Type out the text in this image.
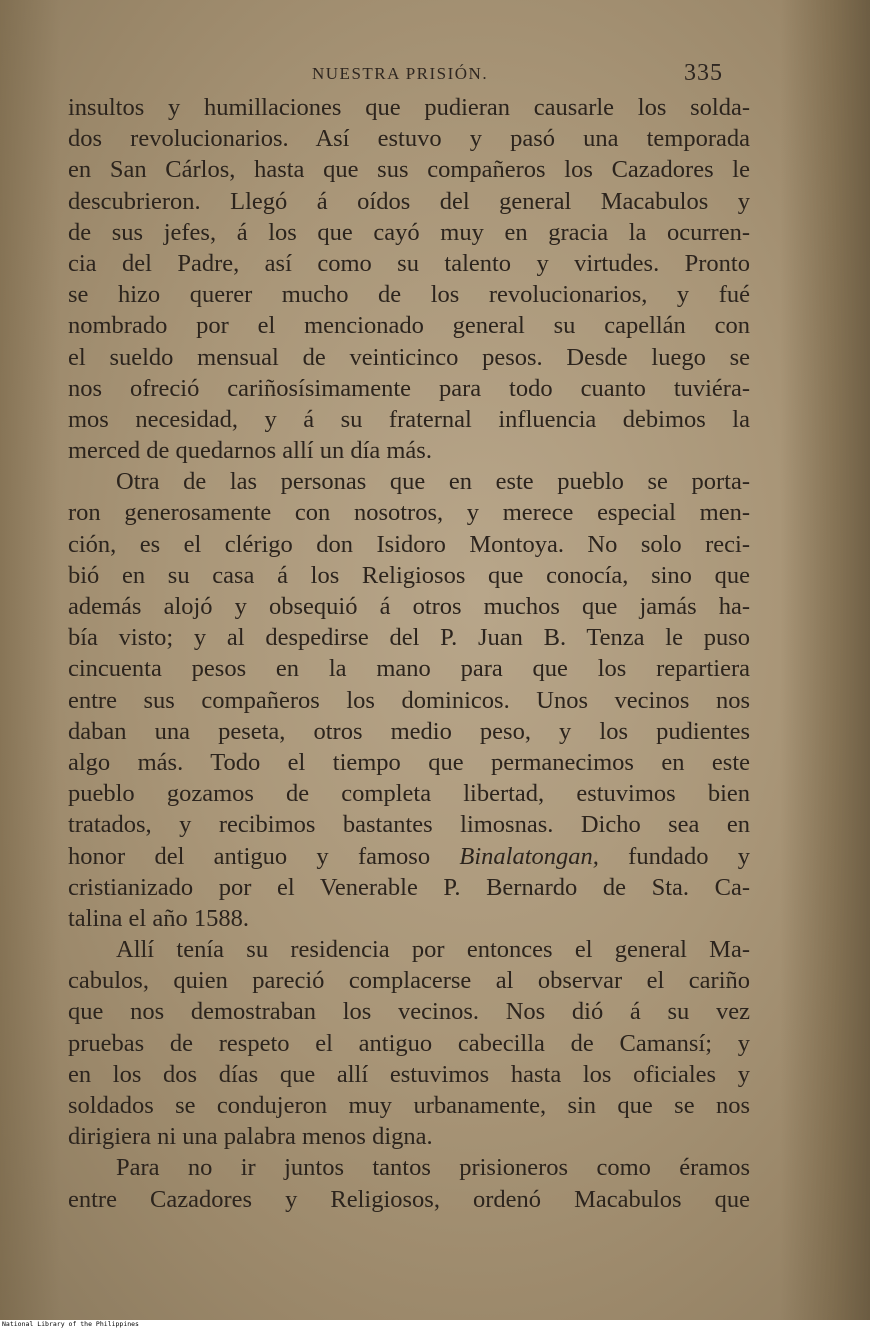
NUESTRA PRISIÓN.	335
insultos y humillaciones que pudieran causarle los solda-
dos revolucionarios. Así estuvo y pasó una temporada
en San Cárlos, hasta que sus compañeros los Cazadores le
descubrieron. Llegó á oídos del general Macabulos y
de sus jefes, á los que cayó muy en gracia la ocurren-
cia del Padre, así como su talento y virtudes. Pronto
se hizo querer mucho de los revolucionarios, y fué
nombrado por el mencionado general su capellán con
el sueldo mensual de veinticinco pesos. Desde luego se
nos ofreció cariñosísimamente para todo cuanto tuviéra-
mos necesidad, y á su fraternal influencia debimos la
merced de quedarnos allí un día más.
Otra de las personas que en este pueblo se porta-
ron generosamente con nosotros, y merece especial men-
ción, es el clérigo don Isidoro Montoya. No solo reci-
bió en su casa á los Religiosos que conocía, sino que
además alojó y obsequió á otros muchos que jamás ha-
bía visto; y al despedirse del P. Juan B. Tenza le puso
cincuenta pesos en la mano para que los repartiera
entre sus compañeros los dominicos. Unos vecinos nos
daban una peseta, otros medio peso, y los pudientes
algo más. Todo el tiempo que permanecimos en este
pueblo gozamos de completa libertad, estuvimos bien
tratados, y recibimos bastantes limosnas. Dicho sea en
honor del antiguo y famoso Binalatongan, fundado y
cristianizado por el Venerable P. Bernardo de Sta. Ca-
talina el año 1588.
Allí tenía su residencia por entonces el general Ma-
cabulos, quien pareció complacerse al observar el cariño
que nos demostraban los vecinos. Nos dió á su vez
pruebas de respeto el antiguo cabecilla de Camansí; y
en los dos días que allí estuvimos hasta los oficiales y
soldados se condujeron muy urbanamente, sin que se nos
dirigiera ni una palabra menos digna.
Para no ir juntos tantos prisioneros como éramos
entre Cazadores y Religiosos, ordenó Macabulos que
National Library of the Philippines
